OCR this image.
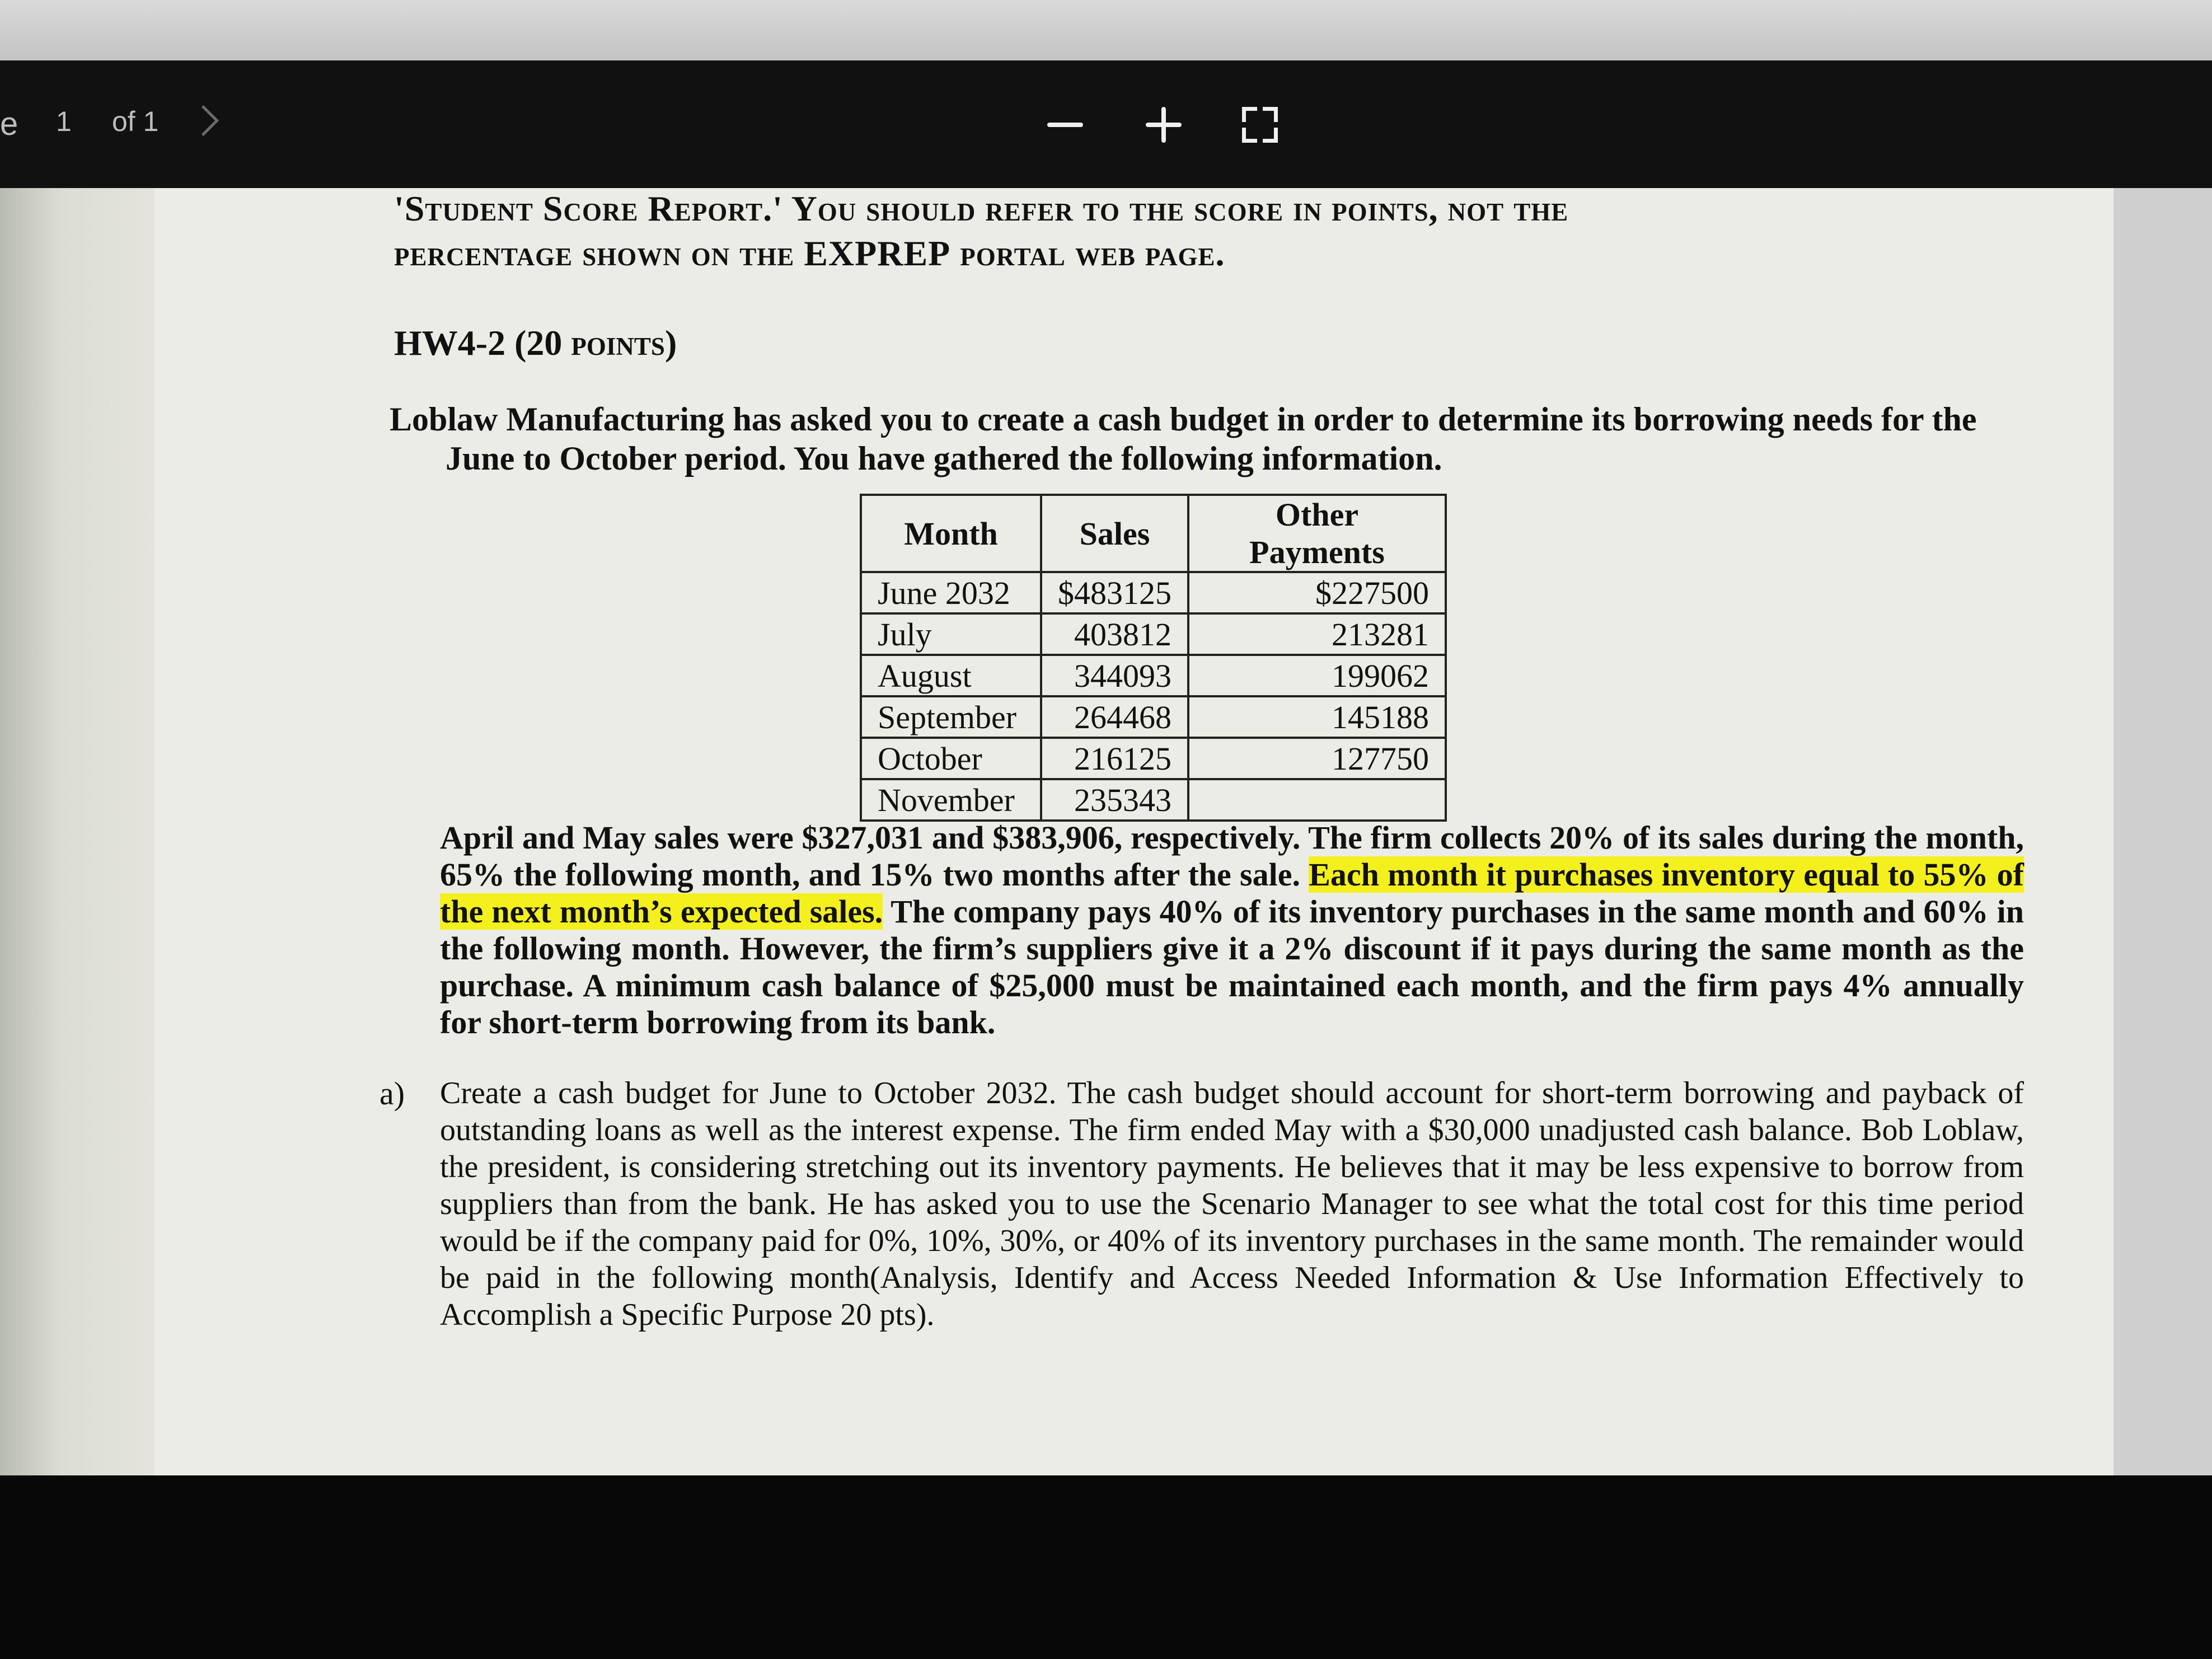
e 1 of 1
'Student Score Report.' You should refer to the score in points, not the
percentage shown on the EXPREP portal web page.
HW4-2 (20 points)
Loblaw Manufacturing has asked you to create a cash budget in order to determine its borrowing needs for the June to October period. You have gathered the following information.
Month	Sales	Other Payments
June 2032	$483125	$227500
July	403812	213281
August	344093	199062
September	264468	145188
October	216125	127750
November	235343	
April and May sales were $327,031 and $383,906, respectively. The firm collects 20% of its sales during the month, 65% the following month, and 15% two months after the sale. Each month it purchases inventory equal to 55% of the next month’s expected sales. The company pays 40% of its inventory purchases in the same month and 60% in the following month. However, the firm’s suppliers give it a 2% discount if it pays during the same month as the purchase. A minimum cash balance of $25,000 must be maintained each month, and the firm pays 4% annually for short-term borrowing from its bank.
a) Create a cash budget for June to October 2032. The cash budget should account for short-term borrowing and payback of outstanding loans as well as the interest expense. The firm ended May with a $30,000 unadjusted cash balance. Bob Loblaw, the president, is considering stretching out its inventory payments. He believes that it may be less expensive to borrow from suppliers than from the bank. He has asked you to use the Scenario Manager to see what the total cost for this time period would be if the company paid for 0%, 10%, 30%, or 40% of its inventory purchases in the same month. The remainder would be paid in the following month(Analysis, Identify and Access Needed Information & Use Information Effectively to Accomplish a Specific Purpose 20 pts).
